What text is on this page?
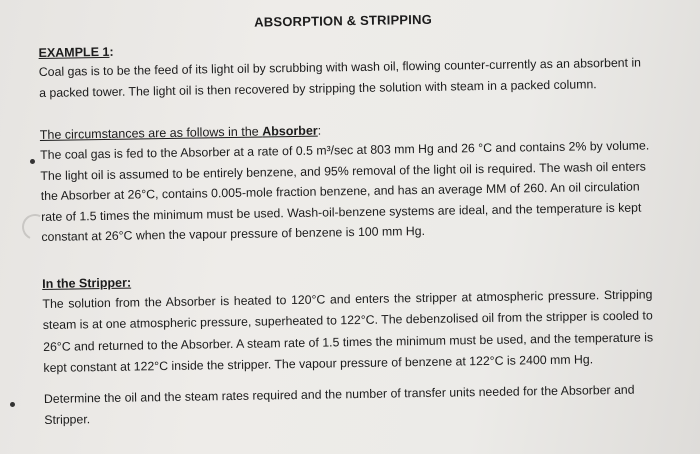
ABSORPTION & STRIPPING
EXAMPLE 1:

Coal gas is to be the feed of its light oil by scrubbing with wash oil, flowing counter-currently as an absorbent in a packed tower. The light oil is then recovered by stripping the solution with steam in a packed column.

The circumstances are as follows in the Absorber:

The coal gas is fed to the Absorber at a rate of 0.5 m³/sec at 803 mm Hg and 26 °C and contains 2% by volume. The light oil is assumed to be entirely benzene, and 95% removal of the light oil is required. The wash oil enters the Absorber at 26°C, contains 0.005-mole fraction benzene, and has an average MM of 260. An oil circulation rate of 1.5 times the minimum must be used. Wash-oil-benzene systems are ideal, and the temperature is kept constant at 26°C when the vapour pressure of benzene is 100 mm Hg.

In the Stripper:

The solution from the Absorber is heated to 120°C and enters the stripper at atmospheric pressure. Stripping steam is at one atmospheric pressure, superheated to 122°C. The debenzolised oil from the stripper is cooled to 26°C and returned to the Absorber. A steam rate of 1.5 times the minimum must be used, and the temperature is kept constant at 122°C inside the stripper. The vapour pressure of benzene at 122°C is 2400 mm Hg.

Determine the oil and the steam rates required and the number of transfer units needed for the Absorber and Stripper.
